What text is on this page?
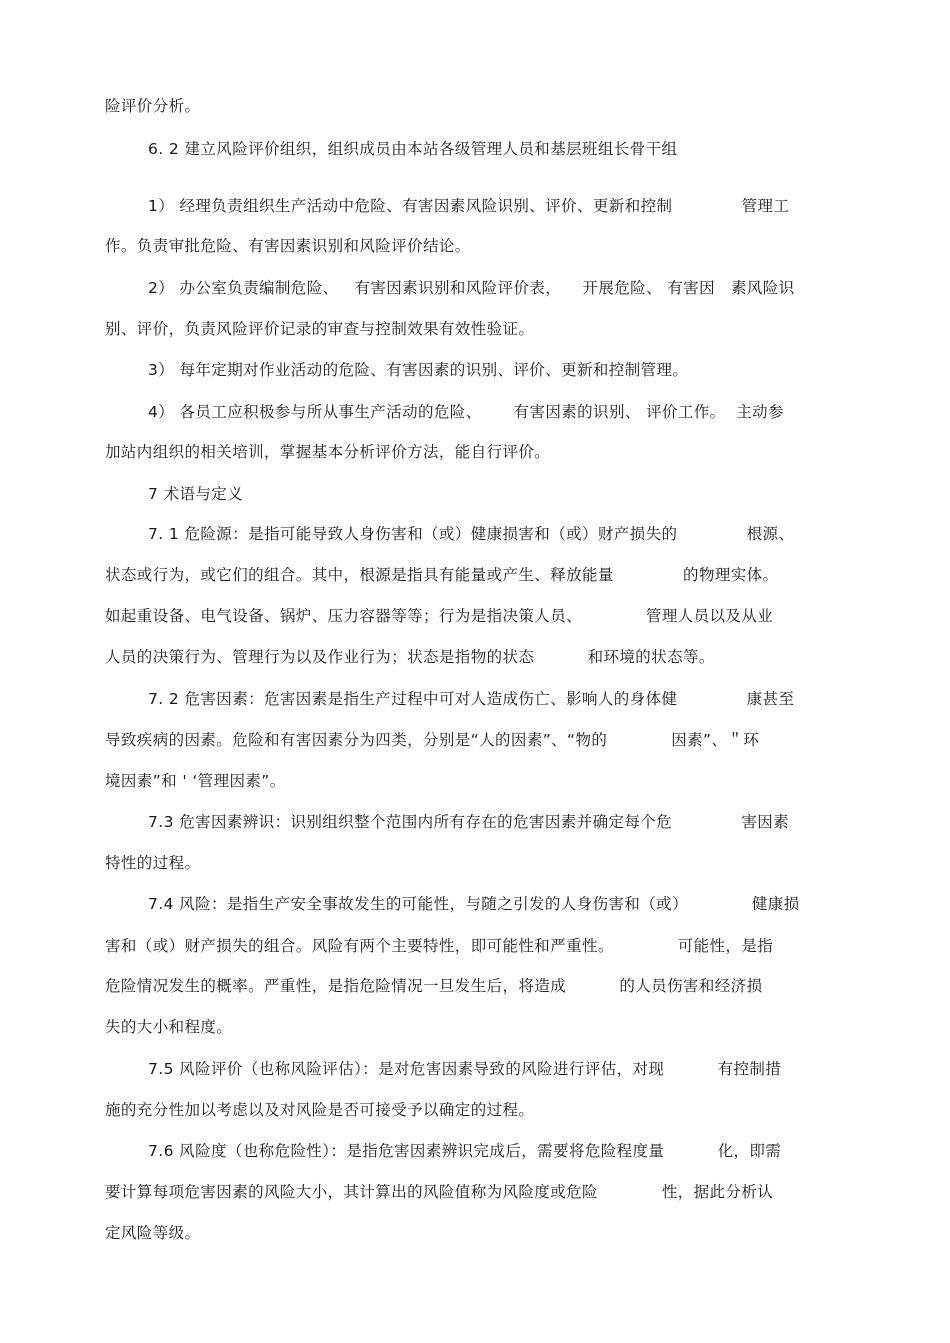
险评价分析。
6. 2 建立风险评价组织，组织成员由本站各级管理人员和基层班组长骨干组
1） 经理负责组织生产活动中危险、有害因素风险识别、评价、更新和控制             管理工
作。负责审批危险、有害因素识别和风险评价结论。
2） 办公室负责编制危险、   有害因素识别和风险评价表，    开展危险、 有害因   素风险识
别、评价，负责风险评价记录的审查与控制效果有效性验证。
3） 每年定期对作业活动的危险、有害因素的识别、评价、更新和控制管理。
4） 各员工应积极参与所从事生产活动的危险、      有害因素的识别、 评价工作。  主动参
加站内组织的相关培训，掌握基本分析评价方法，能自行评价。
7 术语与定义
7. 1 危险源：是指可能导致人身伤害和（或）健康损害和（或）财产损失的             根源、
状态或行为，或它们的组合。其中，根源是指具有能量或产生、释放能量             的物理实体。
如起重设备、电气设备、锅炉、压力容器等等；行为是指决策人员、            管理人员以及从业
人员的决策行为、管理行为以及作业行为；状态是指物的状态          和环境的状态等。
7. 2 危害因素：危害因素是指生产过程中可对人造成伤亡、影响人的身体健             康甚至
导致疾病的因素。危险和有害因素分为四类，分别是“人的因素”、“物的            因素”、＂环
境因素”和 ' ‘管理因素”。
7.3 危害因素辨识：识别组织整个范围内所有存在的危害因素并确定每个危             害因素
特性的过程。
7.4 风险：是指生产安全事故发生的可能性，与随之引发的人身伤害和（或）            健康损
害和（或）财产损失的组合。风险有两个主要特性，即可能性和严重性。            可能性，是指
危险情况发生的概率。严重性，是指危险情况一旦发生后，将造成          的人员伤害和经济损
失的大小和程度。
7.5 风险评价（也称风险评估）：是对危害因素导致的风险进行评估，对现          有控制措
施的充分性加以考虑以及对风险是否可接受予以确定的过程。
7.6 风险度（也称危险性）：是指危害因素辨识完成后，需要将危险程度量          化，即需
要计算每项危害因素的风险大小，其计算出的风险值称为风险度或危险            性，据此分析认
定风险等级。
